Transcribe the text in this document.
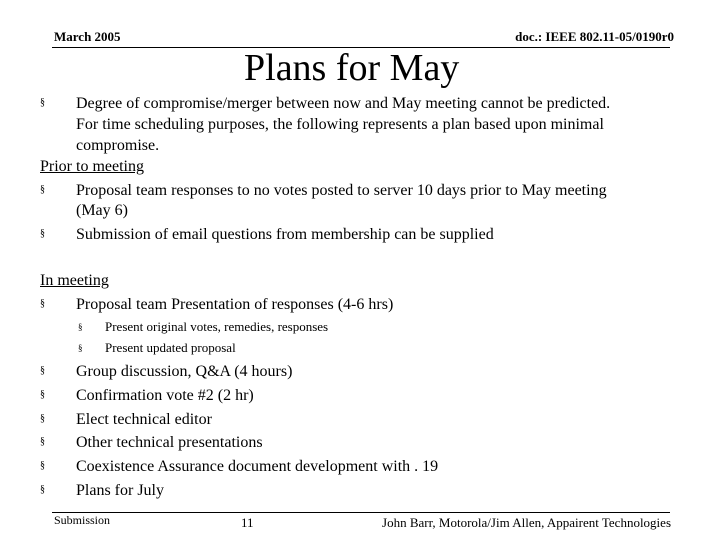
March 2005	doc.: IEEE 802.11-05/0190r0
Plans for May
§ Degree of compromise/merger between now and May meeting cannot be predicted.
For time scheduling purposes, the following represents a plan based upon minimal
compromise.
Prior to meeting
§ Proposal team responses to no votes posted to server 10 days prior to May meeting
(May 6)
§ Submission of email questions from membership can be supplied
In meeting
§ Proposal team Presentation of responses (4-6 hrs)
§ Present original votes, remedies, responses
§ Present updated proposal
§ Group discussion, Q&A (4 hours)
§ Confirmation vote #2 (2 hr)
§ Elect technical editor
§ Other technical presentations
§ Coexistence Assurance document development with . 19
§ Plans for July
Submission	11	John Barr, Motorola/Jim Allen, Appairent Technologies
